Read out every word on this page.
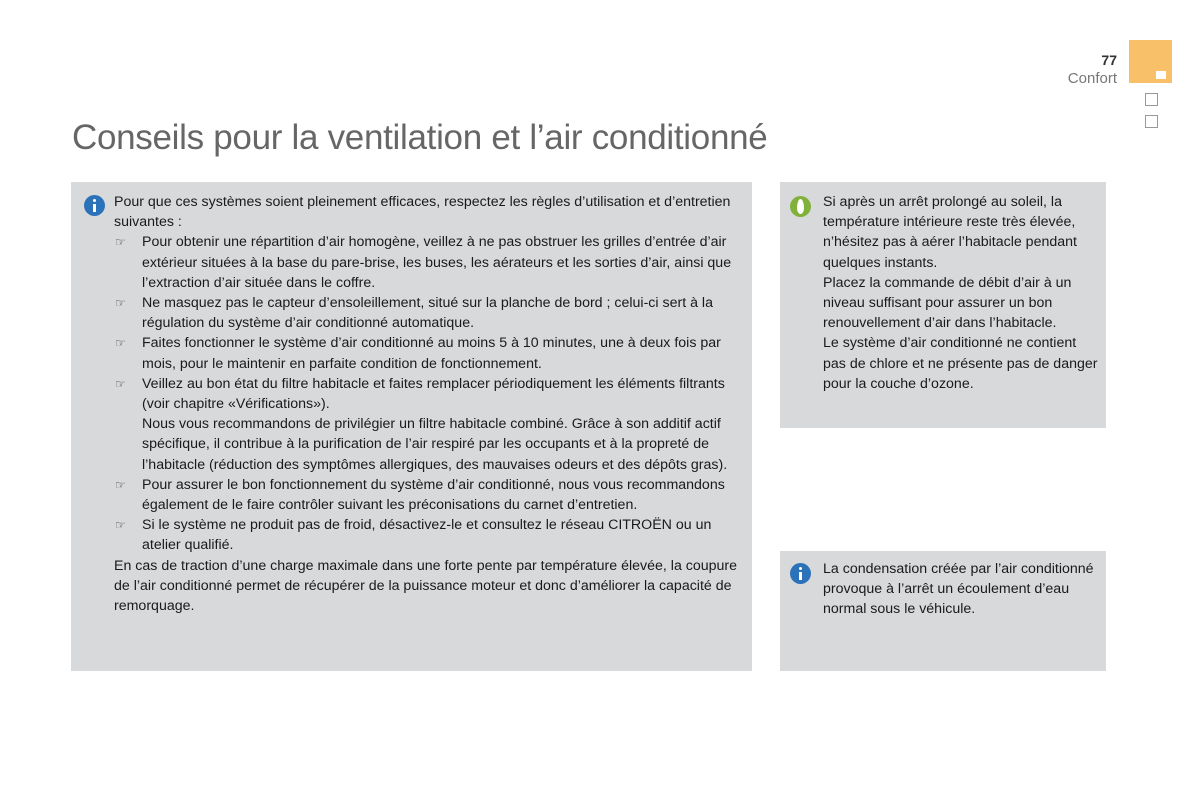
77
Confort
Conseils pour la ventilation et l’air conditionné

Pour que ces systèmes soient pleinement efficaces, respectez les règles d’utilisation et d’entretien suivantes :

☞ Pour obtenir une répartition d’air homogène, veillez à ne pas obstruer les grilles d’entrée d’air extérieur situées à la base du pare-brise, les buses, les aérateurs et les sorties d’air, ainsi que l’extraction d’air située dans le coffre.
☞ Ne masquez pas le capteur d’ensoleillement, situé sur la planche de bord ; celui-ci sert à la régulation du système d’air conditionné automatique.
☞ Faites fonctionner le système d’air conditionné au moins 5 à 10 minutes, une à deux fois par mois, pour le maintenir en parfaite condition de fonctionnement.
☞ Veillez au bon état du filtre habitacle et faites remplacer périodiquement les éléments filtrants (voir chapitre «Vérifications»).
Nous vous recommandons de privilégier un filtre habitacle combiné. Grâce à son additif actif spécifique, il contribue à la purification de l’air respiré par les occupants et à la propreté de l’habitacle (réduction des symptômes allergiques, des mauvaises odeurs et des dépôts gras).
☞ Pour assurer le bon fonctionnement du système d’air conditionné, nous vous recommandons également de le faire contrôler suivant les préconisations du carnet d’entretien.
☞ Si le système ne produit pas de froid, désactivez-le et consultez le réseau CITROËN ou un atelier qualifié.

En cas de traction d’une charge maximale dans une forte pente par température élevée, la coupure de l’air conditionné permet de récupérer de la puissance moteur et donc d’améliorer la capacité de remorquage.

Si après un arrêt prolongé au soleil, la température intérieure reste très élevée, n’hésitez pas à aérer l’habitacle pendant quelques instants.

Placez la commande de débit d’air à un niveau suffisant pour assurer un bon renouvellement d’air dans l’habitacle.

Le système d’air conditionné ne contient pas de chlore et ne présente pas de danger pour la couche d’ozone.

La condensation créée par l’air conditionné provoque à l’arrêt un écoulement d’eau normal sous le véhicule.
